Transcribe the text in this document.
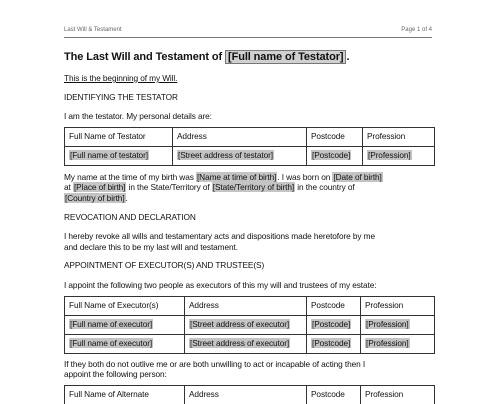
Last Will & Testament	Page 1 of 4

The Last Will and Testament of [Full name of Testator] .

This is the beginning of my Will.
IDENTIFYING THE TESTATOR
I am the testator. My personal details are:
Full Name of Testator	Address	Postcode	Profession
[Full name of testator]	[Street address of testator]	[Postcode]	[Profession]
My name at the time of my birth was [Name at time of birth]. I was born on [Date of birth]
at [Place of birth] in the State/Territory of [State/Territory of birth] in the country of
[Country of birth].
REVOCATION AND DECLARATION
I hereby revoke all wills and testamentary acts and dispositions made heretofore by me
and declare this to be my last will and testament.
APPOINTMENT OF EXECUTOR(S) AND TRUSTEE(S)
I appoint the following two people as executors of this my will and trustees of my estate:
Full Name of Executor(s)	Address	Postcode	Profession
[Full name of executor]	[Street address of executor]	[Postcode]	[Profession]
[Full name of executor]	[Street address of executor]	[Postcode]	[Profession]
If they both do not outlive me or are both unwilling to act or incapable of acting then I
appoint the following person:
Full Name of Alternate	Address	Postcode	Profession
